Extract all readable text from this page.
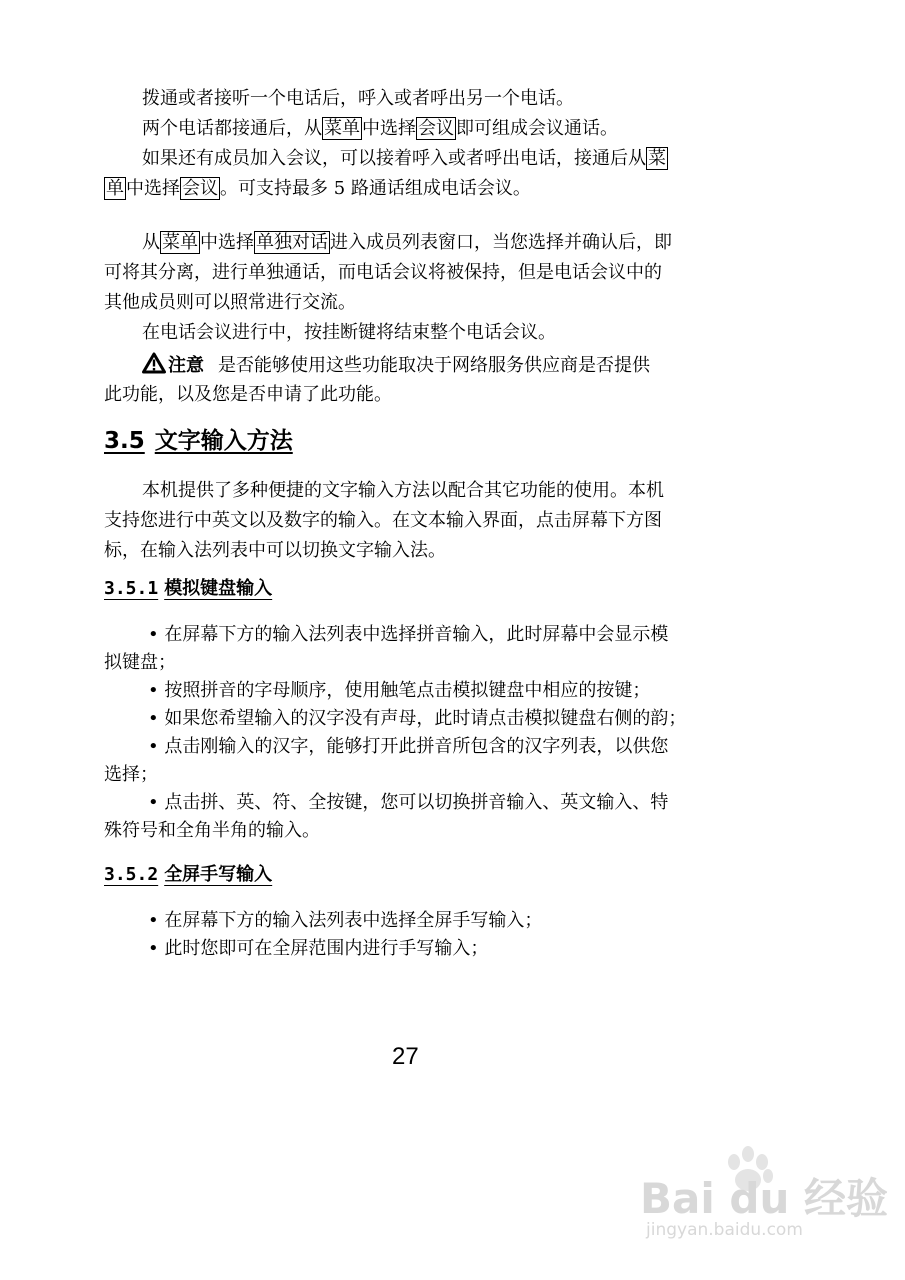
拨通或者接听一个电话后，呼入或者呼出另一个电话。
两个电话都接通后，从 菜单 中选择 会议 即可组成会议通话。
如果还有成员加入会议，可以接着呼入或者呼出电话，接通后从 菜
单 中选择 会议 。可支持最多 5 路通话组成电话会议。
从 菜单 中选择 单独对话 进入成员列表窗口，当您选择并确认后，即
可将其分离，进行单独通话，而电话会议将被保持，但是电话会议中的
其他成员则可以照常进行交流。
在电话会议进行中，按挂断键将结束整个电话会议。
注意 是否能够使用这些功能取决于网络服务供应商是否提供
此功能，以及您是否申请了此功能。
3.5 文字输入方法
本机提供了多种便捷的文字输入方法以配合其它功能的使用。本机
支持您进行中英文以及数字的输入。在文本输入界面，点击屏幕下方图
标，在输入法列表中可以切换文字输入法。
3.5.1 模拟键盘输入
• 在屏幕下方的输入法列表中选择拼音输入，此时屏幕中会显示模
拟键盘；
• 按照拼音的字母顺序，使用触笔点击模拟键盘中相应的按键；
• 如果您希望输入的汉字没有声母，此时请点击模拟键盘右侧的韵；
• 点击刚输入的汉字，能够打开此拼音所包含的汉字列表，以供您
选择；
• 点击拼、英、符、全按键，您可以切换拼音输入、英文输入、特
殊符号和全角半角的输入。
3.5.2 全屏手写输入
• 在屏幕下方的输入法列表中选择全屏手写输入；
• 此时您即可在全屏范围内进行手写输入；
27
Bai du 经验
jingyan.baidu.com
